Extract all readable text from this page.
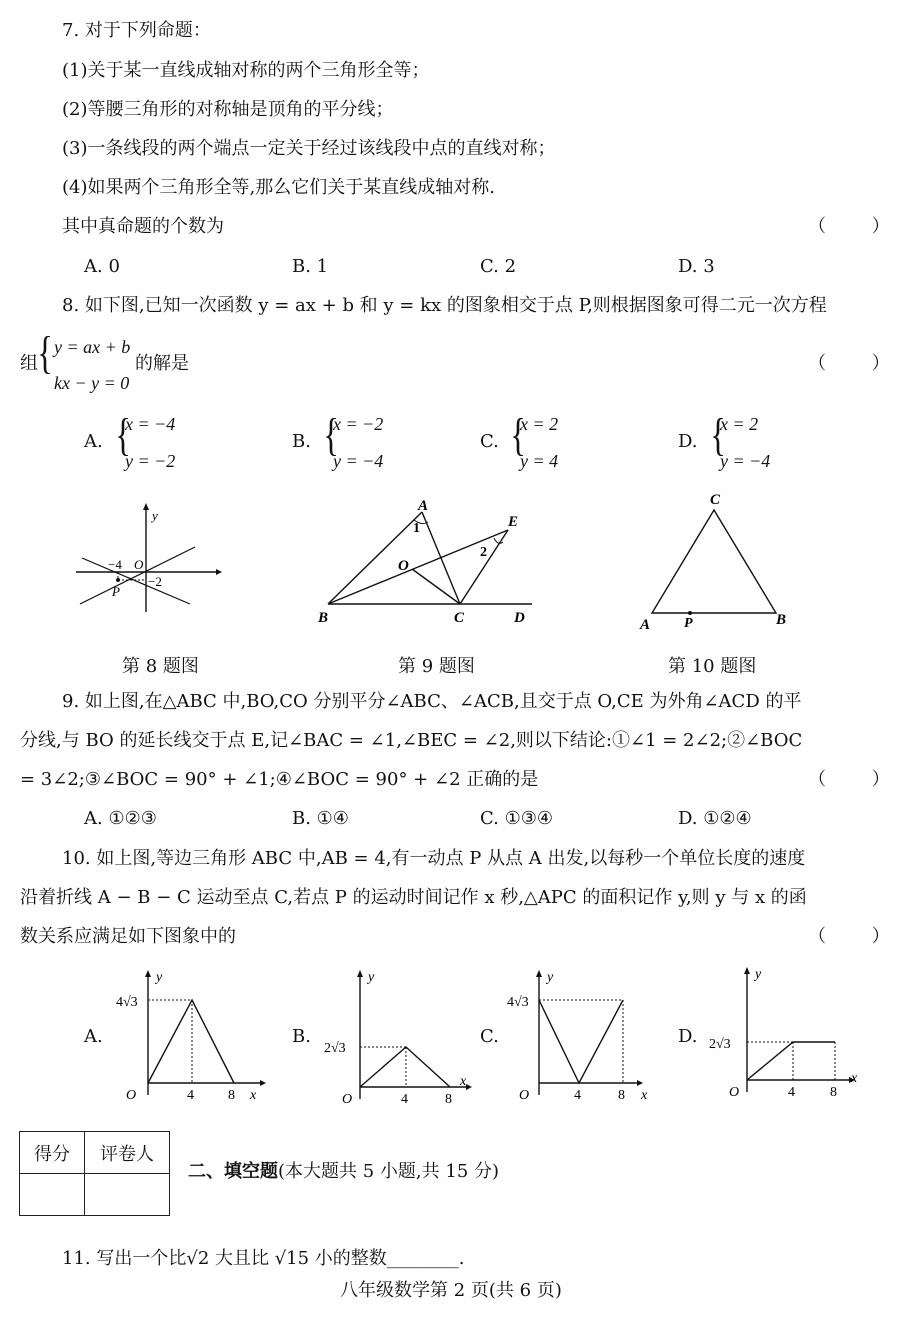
7. 对于下列命题：
(1)关于某一直线成轴对称的两个三角形全等；
(2)等腰三角形的对称轴是顶角的平分线；
(3)一条线段的两个端点一定关于经过该线段中点的直线对称；
(4)如果两个三角形全等,那么它们关于某直线成轴对称.
其中真命题的个数为	（        ）
A. 0	B. 1	C. 2	D. 3
8. 如下图,已知一次函数 y = ax + b 和 y = kx 的图象相交于点 P,则根据图象可得二元一次方程
组 { y = ax + b
kx − y = 0
的解是	（        ）
A. {
x = −4
y = −2
B. {
x = −2
y = −4
C. {
x = 2
y = 4
D. {
x = 2
y = −4
y
O
−4
−2
P
第 8 题图
A
E
O
B	C	D
1
2
第 9 题图
C
A P	B
第 10 题图
9. 如上图,在△ABC 中,BO,CO 分别平分∠ABC、∠ACB,且交于点 O,CE 为外角∠ACD 的平
分线,与 BO 的延长线交于点 E,记∠BAC = ∠1,∠BEC = ∠2,则以下结论:①∠1 = 2∠2;②∠BOC
= 3∠2;③∠BOC = 90° + ∠1;④∠BOC = 90° + ∠2 正确的是	（        ）
A. ①②③	B. ①④	C. ①③④	D. ①②④
10. 如上图,等边三角形 ABC 中,AB = 4,有一动点 P 从点 A 出发,以每秒一个单位长度的速度
沿着折线 A − B − C 运动至点 C,若点 P 的运动时间记作 x 秒,△APC 的面积记作 y,则 y 与 x 的函
数关系应满足如下图象中的	（        ）
A.
y
x
O
4√3
4 8
B.
y
x
O
2√3
4	8
C.
y
x
O
4√3
4	8
D.
y
x
O
2√3
4	8
得分	评卷人

二、填空题(本大题共 5 小题,共 15 分)
11. 写出一个比√2 大且比 √15 小的整数________.
八年级数学第 2 页(共 6 页)
